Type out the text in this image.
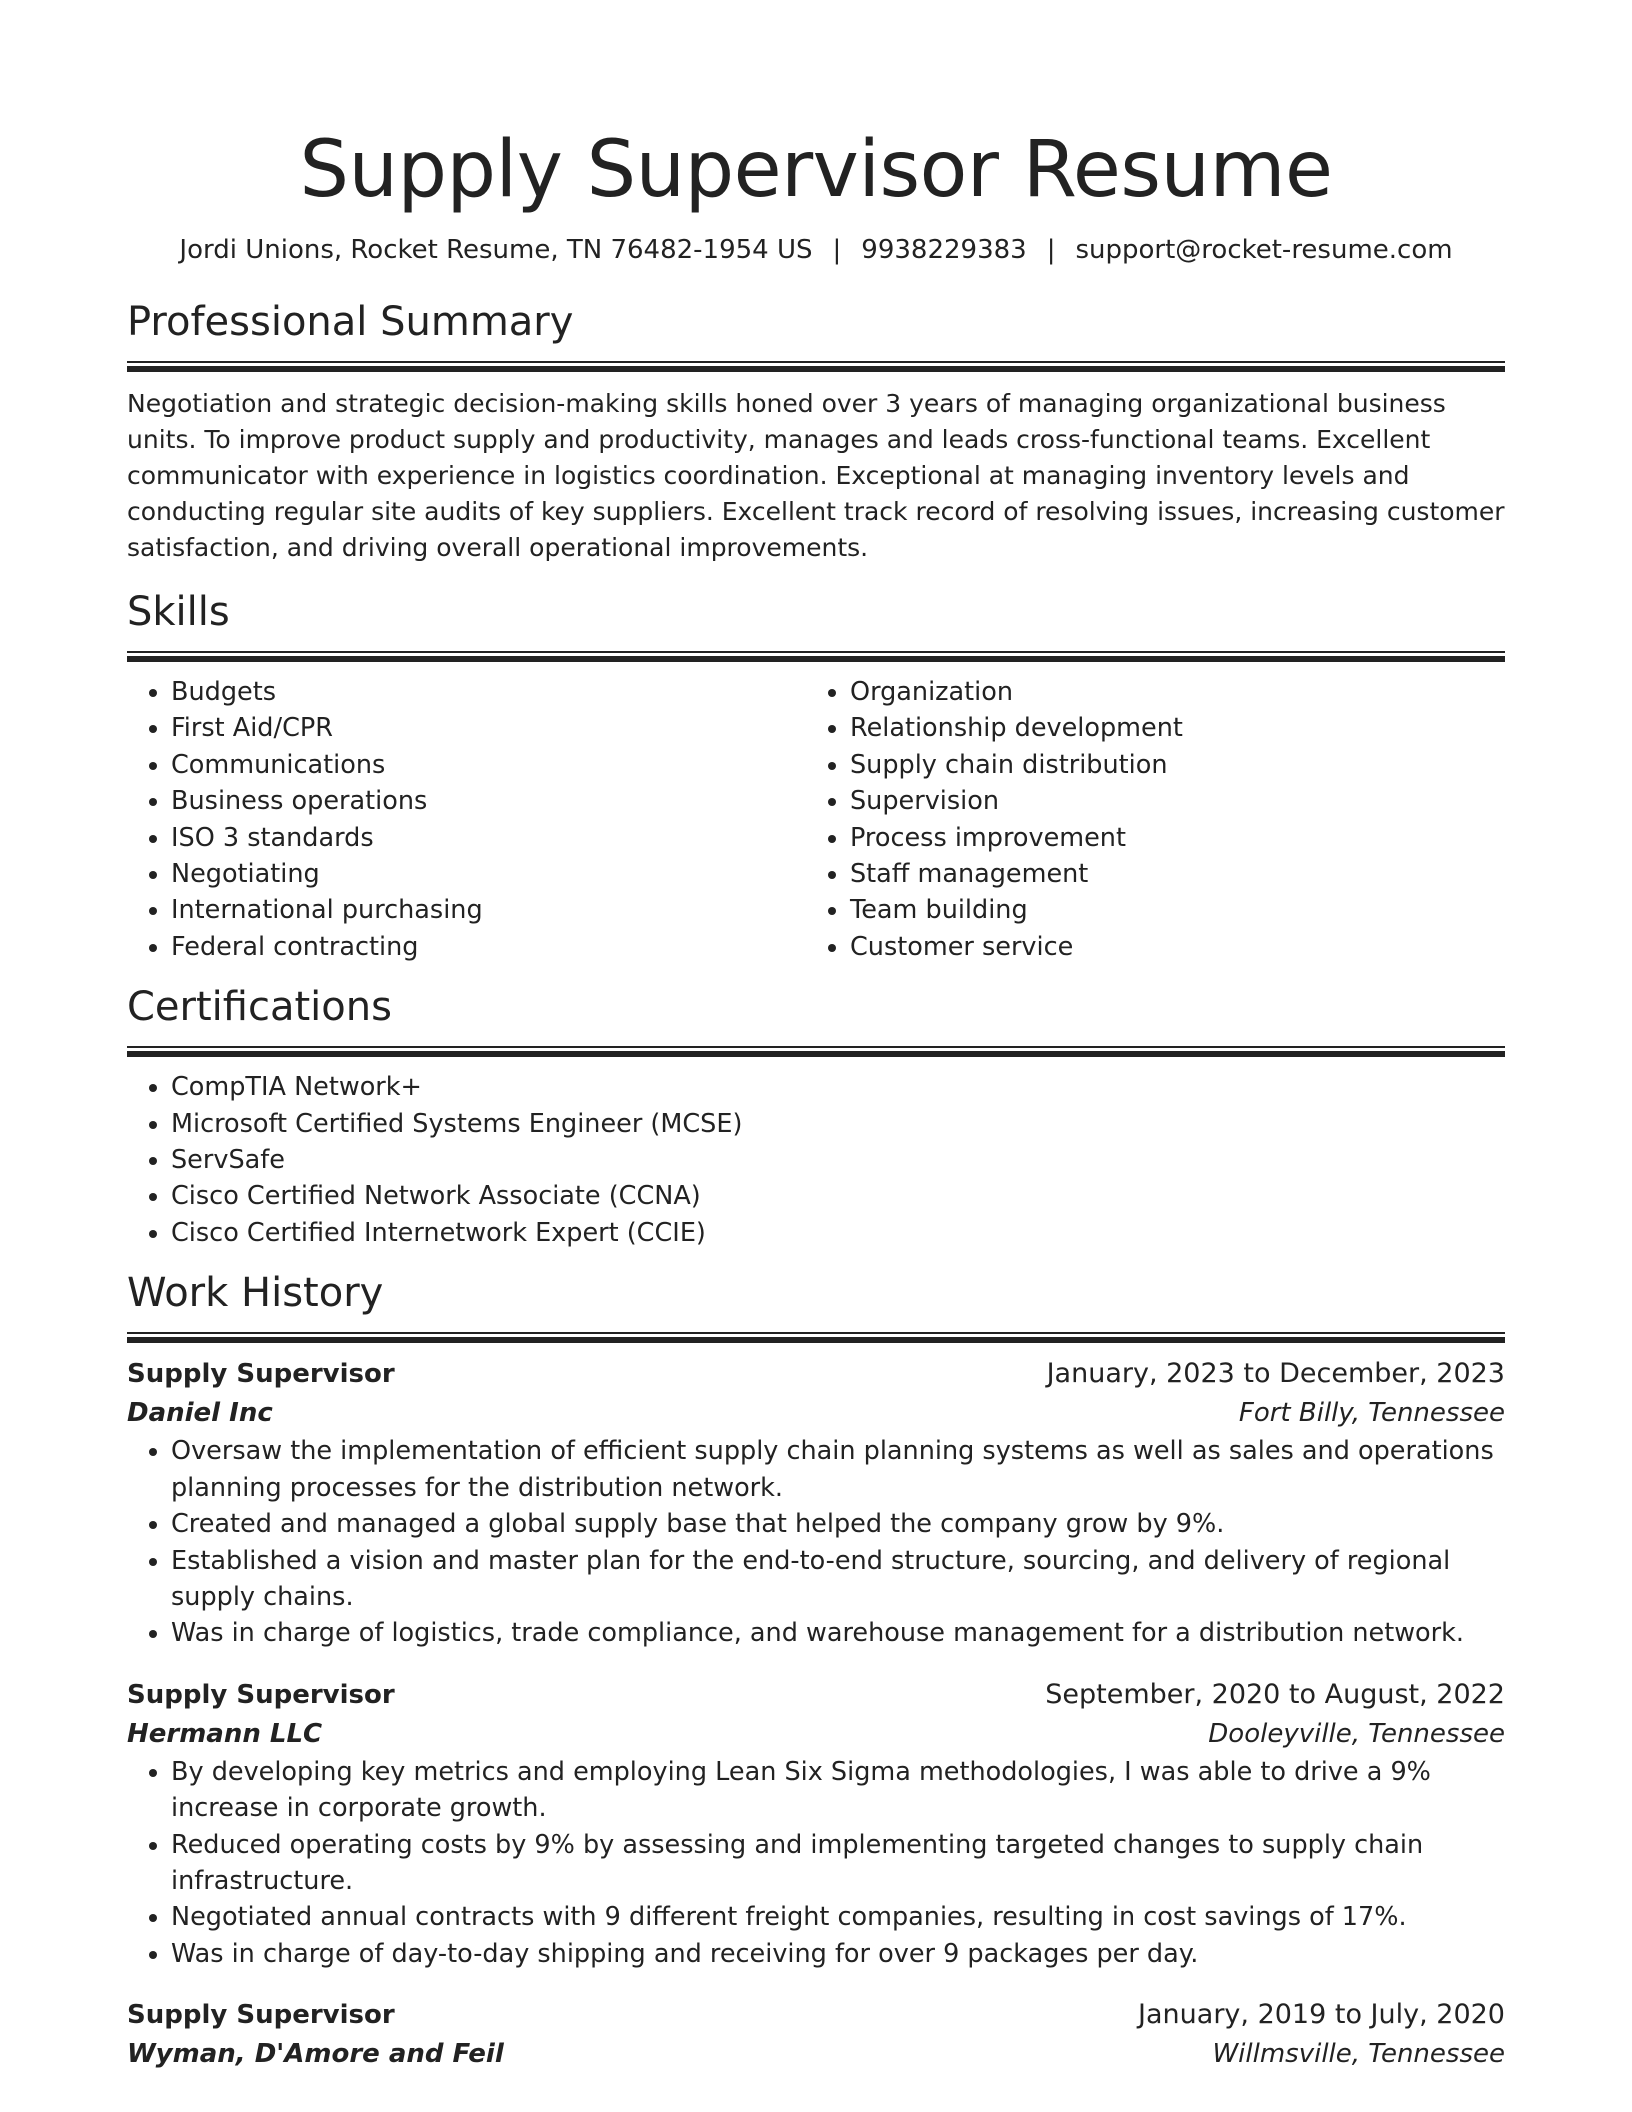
Supply Supervisor Resume
Jordi Unions, Rocket Resume, TN 76482-1954 US | 9938229383 | support@rocket-resume.com
Professional Summary

Negotiation and strategic decision-making skills honed over 3 years of managing organizational business units. To improve product supply and productivity, manages and leads cross-functional teams. Excellent communicator with experience in logistics coordination. Exceptional at managing inventory levels and conducting regular site audits of key suppliers. Excellent track record of resolving issues, increasing customer satisfaction, and driving overall operational improvements.

Skills
• Budgets
• First Aid/CPR
• Communications
• Business operations
• ISO 3 standards
• Negotiating
• International purchasing
• Federal contracting
• Organization
• Relationship development
• Supply chain distribution
• Supervision
• Process improvement
• Staff management
• Team building
• Customer service
Certifications
• CompTIA Network+
• Microsoft Certified Systems Engineer (MCSE)
• ServSafe
• Cisco Certified Network Associate (CCNA)
• Cisco Certified Internetwork Expert (CCIE)
Work History
Supply Supervisor	January, 2023 to December, 2023
Daniel Inc	Fort Billy, Tennessee
• Oversaw the implementation of efficient supply chain planning systems as well as sales and operations planning processes for the distribution network.
• Created and managed a global supply base that helped the company grow by 9%.
• Established a vision and master plan for the end-to-end structure, sourcing, and delivery of regional supply chains.
• Was in charge of logistics, trade compliance, and warehouse management for a distribution network.
Supply Supervisor	September, 2020 to August, 2022
Hermann LLC	Dooleyville, Tennessee
• By developing key metrics and employing Lean Six Sigma methodologies, I was able to drive a 9% increase in corporate growth.
• Reduced operating costs by 9% by assessing and implementing targeted changes to supply chain infrastructure.
• Negotiated annual contracts with 9 different freight companies, resulting in cost savings of 17%.
• Was in charge of day-to-day shipping and receiving for over 9 packages per day.
Supply Supervisor	January, 2019 to July, 2020
Wyman, D'Amore and Feil	Willmsville, Tennessee
